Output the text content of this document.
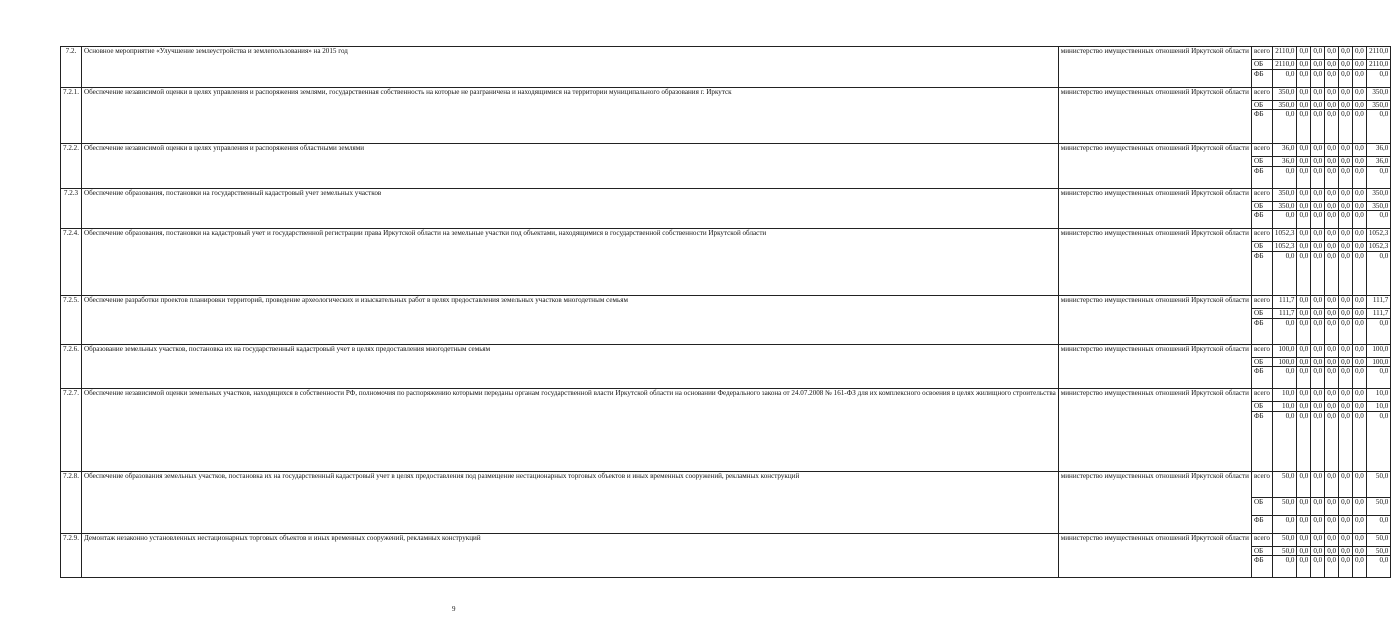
7.2.	Основное мероприятие «Улучшение землеустройства и землепользования» на 2015 год	министерство имущественных отношений Иркутской области	всего	2110,0	0,0	0,0	0,0	0,0	0,0	2110,0
			ОБ	2110,0	0,0	0,0	0,0	0,0	0,0	2110,0
			ФБ	0,0	0,0	0,0	0,0	0,0	0,0	0,0
7.2.1.	Обеспечение независимой оценки в целях управления и распоряжения землями, государственная собственность на которые не разграничена и находящимися на территории муниципального образования г. Иркутск	министерство имущественных отношений Иркутской области	всего	350,0	0,0	0,0	0,0	0,0	0,0	350,0
			ОБ	350,0	0,0	0,0	0,0	0,0	0,0	350,0
			ФБ	0,0	0,0	0,0	0,0	0,0	0,0	0,0
7.2.2.	Обеспечение независимой оценки в целях управления и распоряжения областными землями	министерство имущественных отношений Иркутской области	всего	36,0	0,0	0,0	0,0	0,0	0,0	36,0
			ОБ	36,0	0,0	0,0	0,0	0,0	0,0	36,0
			ФБ	0,0	0,0	0,0	0,0	0,0	0,0	0,0
7.2.3	Обеспечение образования, постановки на государственный кадастровый учет земельных участков	министерство имущественных отношений Иркутской области	всего	350,0	0,0	0,0	0,0	0,0	0,0	350,0
			ОБ	350,0	0,0	0,0	0,0	0,0	0,0	350,0
			ФБ	0,0	0,0	0,0	0,0	0,0	0,0	0,0
7.2.4.	Обеспечение образования, постановки на кадастровый учет и государственной регистрации права Иркутской области на земельные участки под объектами, находящимися в государственной собственности Иркутской области	министерство имущественных отношений Иркутской области	всего	1052,3	0,0	0,0	0,0	0,0	0,0	1052,3
			ОБ	1052,3	0,0	0,0	0,0	0,0	0,0	1052,3
			ФБ	0,0	0,0	0,0	0,0	0,0	0,0	0,0
7.2.5.	Обеспечение разработки проектов планировки территорий, проведение археологических и изыскательных работ в целях предоставления земельных участков многодетным семьям	министерство имущественных отношений Иркутской области	всего	111,7	0,0	0,0	0,0	0,0	0,0	111,7
			ОБ	111,7	0,0	0,0	0,0	0,0	0,0	111,7
			ФБ	0,0	0,0	0,0	0,0	0,0	0,0	0,0
7.2.6.	Образование земельных участков, постановка их на государственный кадастровый учет в целях предоставления многодетным семьям	министерство имущественных отношений Иркутской области	всего	100,0	0,0	0,0	0,0	0,0	0,0	100,0
			ОБ	100,0	0,0	0,0	0,0	0,0	0,0	100,0
			ФБ	0,0	0,0	0,0	0,0	0,0	0,0	0,0
7.2.7.	Обеспечение независимой оценки земельных участков, находящихся в собственности РФ, полномочия по распоряжению которыми переданы органам государственной власти Иркутской области на основании Федерального закона от 24.07.2008 № 161-ФЗ для их комплексного освоения в целях жилищного строительства	министерство имущественных отношений Иркутской области	всего	10,0	0,0	0,0	0,0	0,0	0,0	10,0
			ОБ	10,0	0,0	0,0	0,0	0,0	0,0	10,0
			ФБ	0,0	0,0	0,0	0,0	0,0	0,0	0,0
7.2.8.	Обеспечение образования земельных участков, постановка их на государственный кадастровый учет в целях предоставления под размещение нестационарных торговых объектов и иных временных сооружений, рекламных конструкций	министерство имущественных отношений Иркутской области	всего	50,0	0,0	0,0	0,0	0,0	0,0	50,0
			ОБ	50,0	0,0	0,0	0,0	0,0	0,0	50,0
			ФБ	0,0	0,0	0,0	0,0	0,0	0,0	0,0
7.2.9.	Демонтаж незаконно установленных нестационарных торговых объектов и иных временных сооружений, рекламных конструкций	министерство имущественных отношений Иркутской области	всего	50,0	0,0	0,0	0,0	0,0	0,0	50,0
			ОБ	50,0	0,0	0,0	0,0	0,0	0,0	50,0
			ФБ	0,0	0,0	0,0	0,0	0,0	0,0	0,0
9
